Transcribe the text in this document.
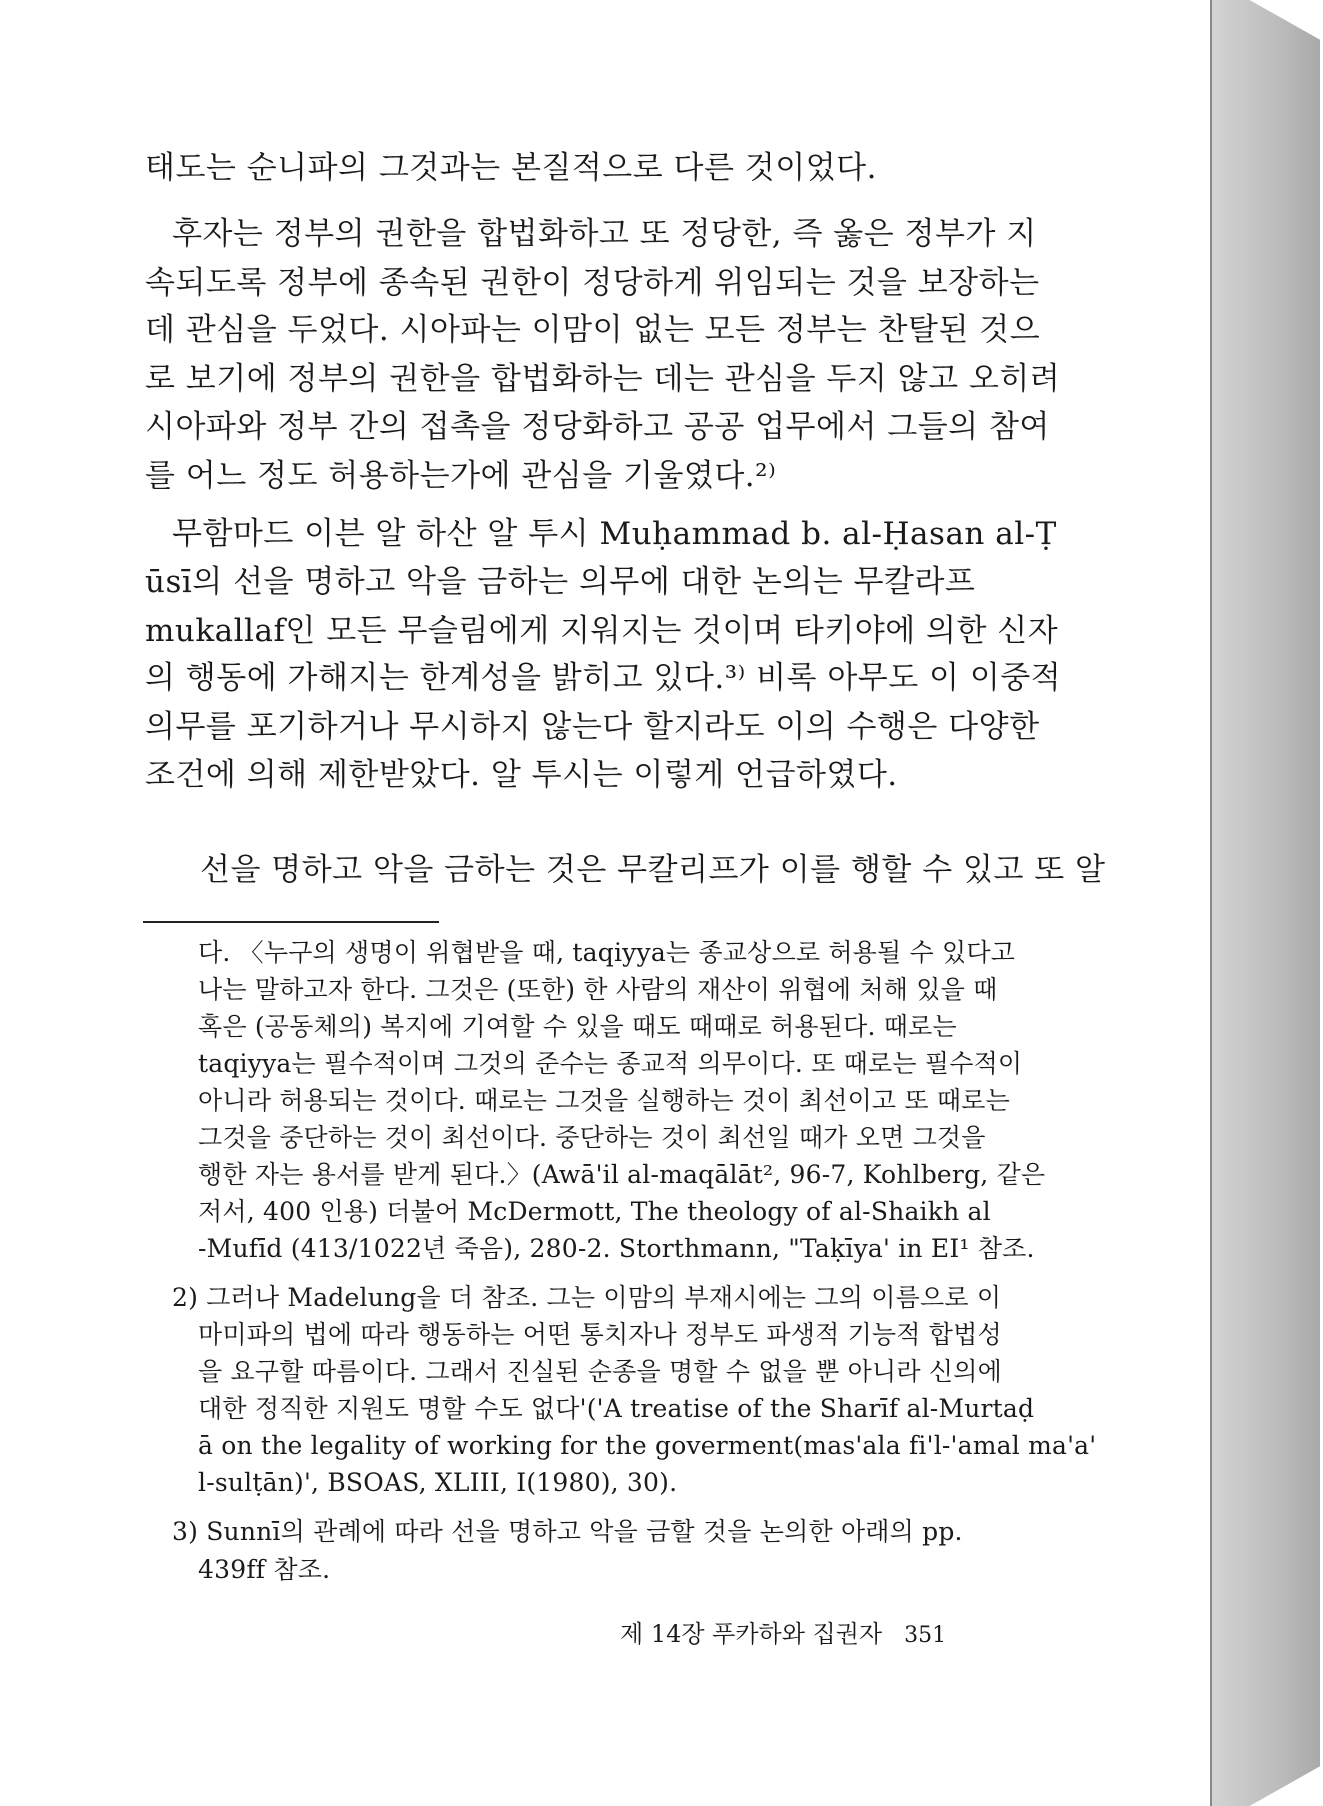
태도는 순니파의 그것과는 본질적으로 다른 것이었다.
후자는 정부의 권한을 합법화하고 또 정당한, 즉 옳은 정부가 지
속되도록 정부에 종속된 권한이 정당하게 위임되는 것을 보장하는
데 관심을 두었다. 시아파는 이맘이 없는 모든 정부는 찬탈된 것으
로 보기에 정부의 권한을 합법화하는 데는 관심을 두지 않고 오히려
시아파와 정부 간의 접촉을 정당화하고 공공 업무에서 그들의 참여
를 어느 정도 허용하는가에 관심을 기울였다.²⁾
무함마드 이븐 알 하산 알 투시 Muḥammad b. al-Ḥasan al-Ṭ
ūsī의 선을 명하고 악을 금하는 의무에 대한 논의는 무칼라프
mukallaf인 모든 무슬림에게 지워지는 것이며 타키야에 의한 신자
의 행동에 가해지는 한계성을 밝히고 있다.³⁾ 비록 아무도 이 이중적
의무를 포기하거나 무시하지 않는다 할지라도 이의 수행은 다양한
조건에 의해 제한받았다. 알 투시는 이렇게 언급하였다.
선을 명하고 악을 금하는 것은 무칼리프가 이를 행할 수 있고 또 알
다. 〈누구의 생명이 위협받을 때, taqiyya는 종교상으로 허용될 수 있다고
나는 말하고자 한다. 그것은 (또한) 한 사람의 재산이 위협에 처해 있을 때
혹은 (공동체의) 복지에 기여할 수 있을 때도 때때로 허용된다. 때로는
taqiyya는 필수적이며 그것의 준수는 종교적 의무이다. 또 때로는 필수적이
아니라 허용되는 것이다. 때로는 그것을 실행하는 것이 최선이고 또 때로는
그것을 중단하는 것이 최선이다. 중단하는 것이 최선일 때가 오면 그것을
행한 자는 용서를 받게 된다.〉(Awā'il al-maqālāt², 96-7, Kohlberg, 같은
저서, 400 인용) 더불어 McDermott, The theology of al-Shaikh al
-Mufīd (413/1022년 죽음), 280-2. Storthmann, "Taḳīya' in EI¹ 참조.
2) 그러나 Madelung을 더 참조. 그는 이맘의 부재시에는 그의 이름으로 이
마미파의 법에 따라 행동하는 어떤 통치자나 정부도 파생적 기능적 합법성
을 요구할 따름이다. 그래서 진실된 순종을 명할 수 없을 뿐 아니라 신의에
대한 정직한 지원도 명할 수도 없다'('A treatise of the Sharīf al-Murtaḍ
ā on the legality of working for the goverment(mas'ala fi'l-'amal ma'a'
l-sulṭān)', BSOAS, XLIII, I(1980), 30).
3) Sunnī의 관례에 따라 선을 명하고 악을 금할 것을 논의한 아래의 pp.
439ff 참조.
제 14장 푸카하와 집권자 351
